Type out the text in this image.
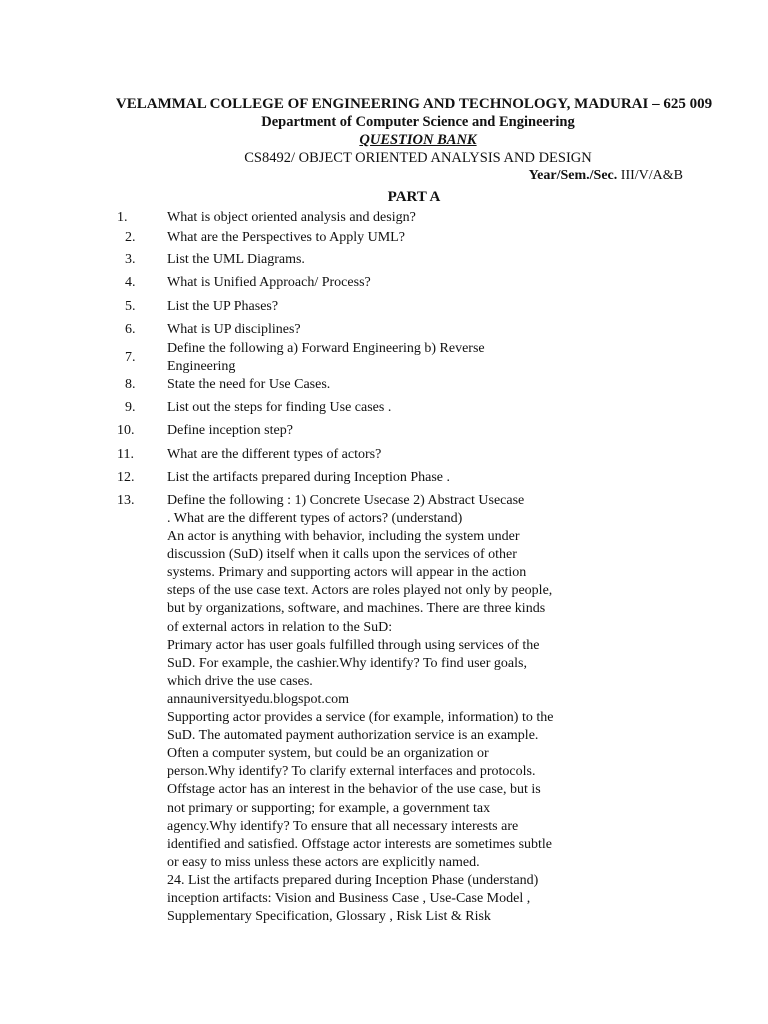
VELAMMAL COLLEGE OF ENGINEERING AND TECHNOLOGY, MADURAI – 625 009
Department of Computer Science and Engineering
QUESTION BANK
CS8492/ OBJECT ORIENTED ANALYSIS AND DESIGN
Year/Sem./Sec. III/V/A&B
PART A
1.	What is object oriented analysis and design?
2. What are the Perspectives to Apply UML?
3. List the UML Diagrams.
4. What is Unified Approach/ Process?
5. List the UP Phases?
6. What is UP disciplines?
7.
Define the following a) Forward Engineering b) Reverse Engineering
8. State the need for Use Cases.
9. List out the steps for finding Use cases .
10. Define inception step?
11. What are the different types of actors?
12. List the artifacts prepared during Inception Phase .
13. Define the following : 1) Concrete Usecase 2) Abstract Usecase
. What are the different types of actors? (understand)
An actor is anything with behavior, including the system under
discussion (SuD) itself when it calls upon the services of other
systems. Primary and supporting actors will appear in the action
steps of the use case text. Actors are roles played not only by people,
but by organizations, software, and machines. There are three kinds
of external actors in relation to the SuD:
Primary actor has user goals fulfilled through using services of the
SuD. For example, the cashier.Why identify? To find user goals,
which drive the use cases.
annauniversityedu.blogspot.com
Supporting actor provides a service (for example, information) to the
SuD. The automated payment authorization service is an example.
Often a computer system, but could be an organization or
person.Why identify? To clarify external interfaces and protocols.
Offstage actor has an interest in the behavior of the use case, but is
not primary or supporting; for example, a government tax
agency.Why identify? To ensure that all necessary interests are
identified and satisfied. Offstage actor interests are sometimes subtle
or easy to miss unless these actors are explicitly named.
24. List the artifacts prepared during Inception Phase (understand)
inception artifacts: Vision and Business Case , Use-Case Model ,
Supplementary Specification, Glossary , Risk List & Risk
